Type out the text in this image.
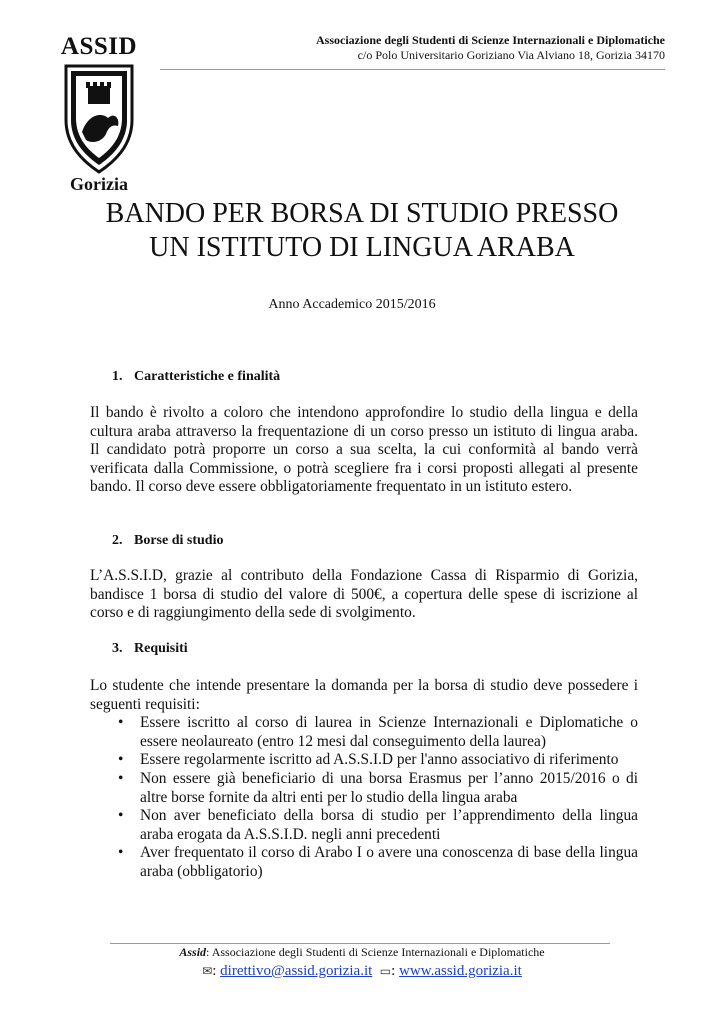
ASSID
Gorizia
Associazione degli Studenti di Scienze Internazionali e Diplomatiche
c/o Polo Universitario Goriziano Via Alviano 18, Gorizia 34170
BANDO PER BORSA DI STUDIO PRESSO
UN ISTITUTO DI LINGUA ARABA
Anno Accademico 2015/2016
1. Caratteristiche e finalità

Il bando è rivolto a coloro che intendono approfondire lo studio della lingua e della cultura araba attraverso la frequentazione di un corso presso un istituto di lingua araba. Il candidato potrà proporre un corso a sua scelta, la cui conformità al bando verrà verificata dalla Commissione, o potrà scegliere fra i corsi proposti allegati al presente bando. Il corso deve essere obbligatoriamente frequentato in un istituto estero.

2. Borse di studio

L’A.S.S.I.D, grazie al contributo della Fondazione Cassa di Risparmio di Gorizia, bandisce 1 borsa di studio del valore di 500€, a copertura delle spese di iscrizione al corso e di raggiungimento della sede di svolgimento.

3. Requisiti

Lo studente che intende presentare la domanda per la borsa di studio deve possedere i seguenti requisiti:

• Essere iscritto al corso di laurea in Scienze Internazionali e Diplomatiche o essere neolaureato (entro 12 mesi dal conseguimento della laurea)
• Essere regolarmente iscritto ad A.S.S.I.D per l'anno associativo di riferimento
• Non essere già beneficiario di una borsa Erasmus per l’anno 2015/2016 o di altre borse fornite da altri enti per lo studio della lingua araba
• Non aver beneficiato della borsa di studio per l’apprendimento della lingua araba erogata da A.S.S.I.D. negli anni precedenti
• Aver frequentato il corso di Arabo I o avere una conoscenza di base della lingua araba (obbligatorio)
Assid: Associazione degli Studenti di Scienze Internazionali e Diplomatiche
✉: direttivo@assid.gorizia.it ▭: www.assid.gorizia.it
